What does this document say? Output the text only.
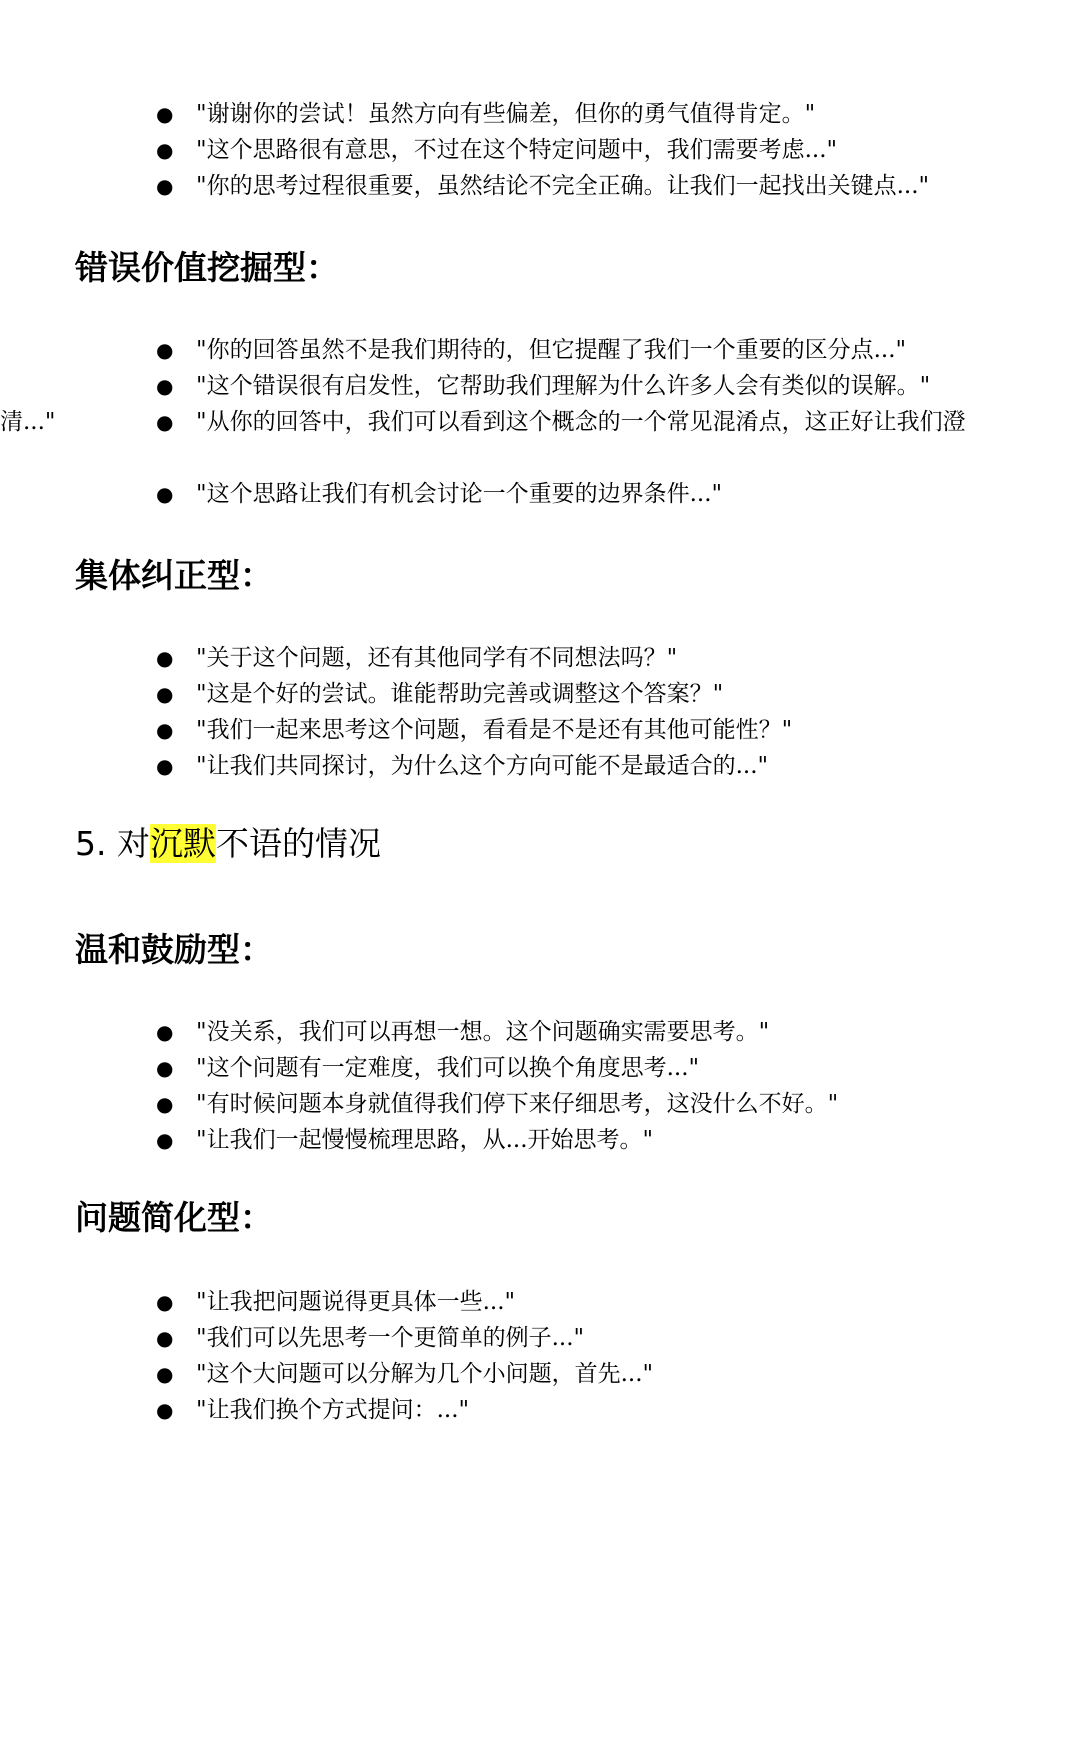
● "谢谢你的尝试！虽然方向有些偏差，但你的勇气值得肯定。"
● "这个思路很有意思，不过在这个特定问题中，我们需要考虑..."
● "你的思考过程很重要，虽然结论不完全正确。让我们一起找出关键点..."
错误价值挖掘型：
● "你的回答虽然不是我们期待的，但它提醒了我们一个重要的区分点..."
● "这个错误很有启发性，它帮助我们理解为什么许多人会有类似的误解。"
● "从你的回答中，我们可以看到这个概念的一个常见混淆点，这正好让我们澄
清..."
● "这个思路让我们有机会讨论一个重要的边界条件..."
集体纠正型：
● "关于这个问题，还有其他同学有不同想法吗？"
● "这是个好的尝试。谁能帮助完善或调整这个答案？"
● "我们一起来思考这个问题，看看是不是还有其他可能性？"
● "让我们共同探讨，为什么这个方向可能不是最适合的..."
5. 对沉默不语的情况
温和鼓励型：
● "没关系，我们可以再想一想。这个问题确实需要思考。"
● "这个问题有一定难度，我们可以换个角度思考..."
● "有时候问题本身就值得我们停下来仔细思考，这没什么不好。"
● "让我们一起慢慢梳理思路，从...开始思考。"
问题简化型：
● "让我把问题说得更具体一些..."
● "我们可以先思考一个更简单的例子..."
● "这个大问题可以分解为几个小问题，首先..."
● "让我们换个方式提问：..."
